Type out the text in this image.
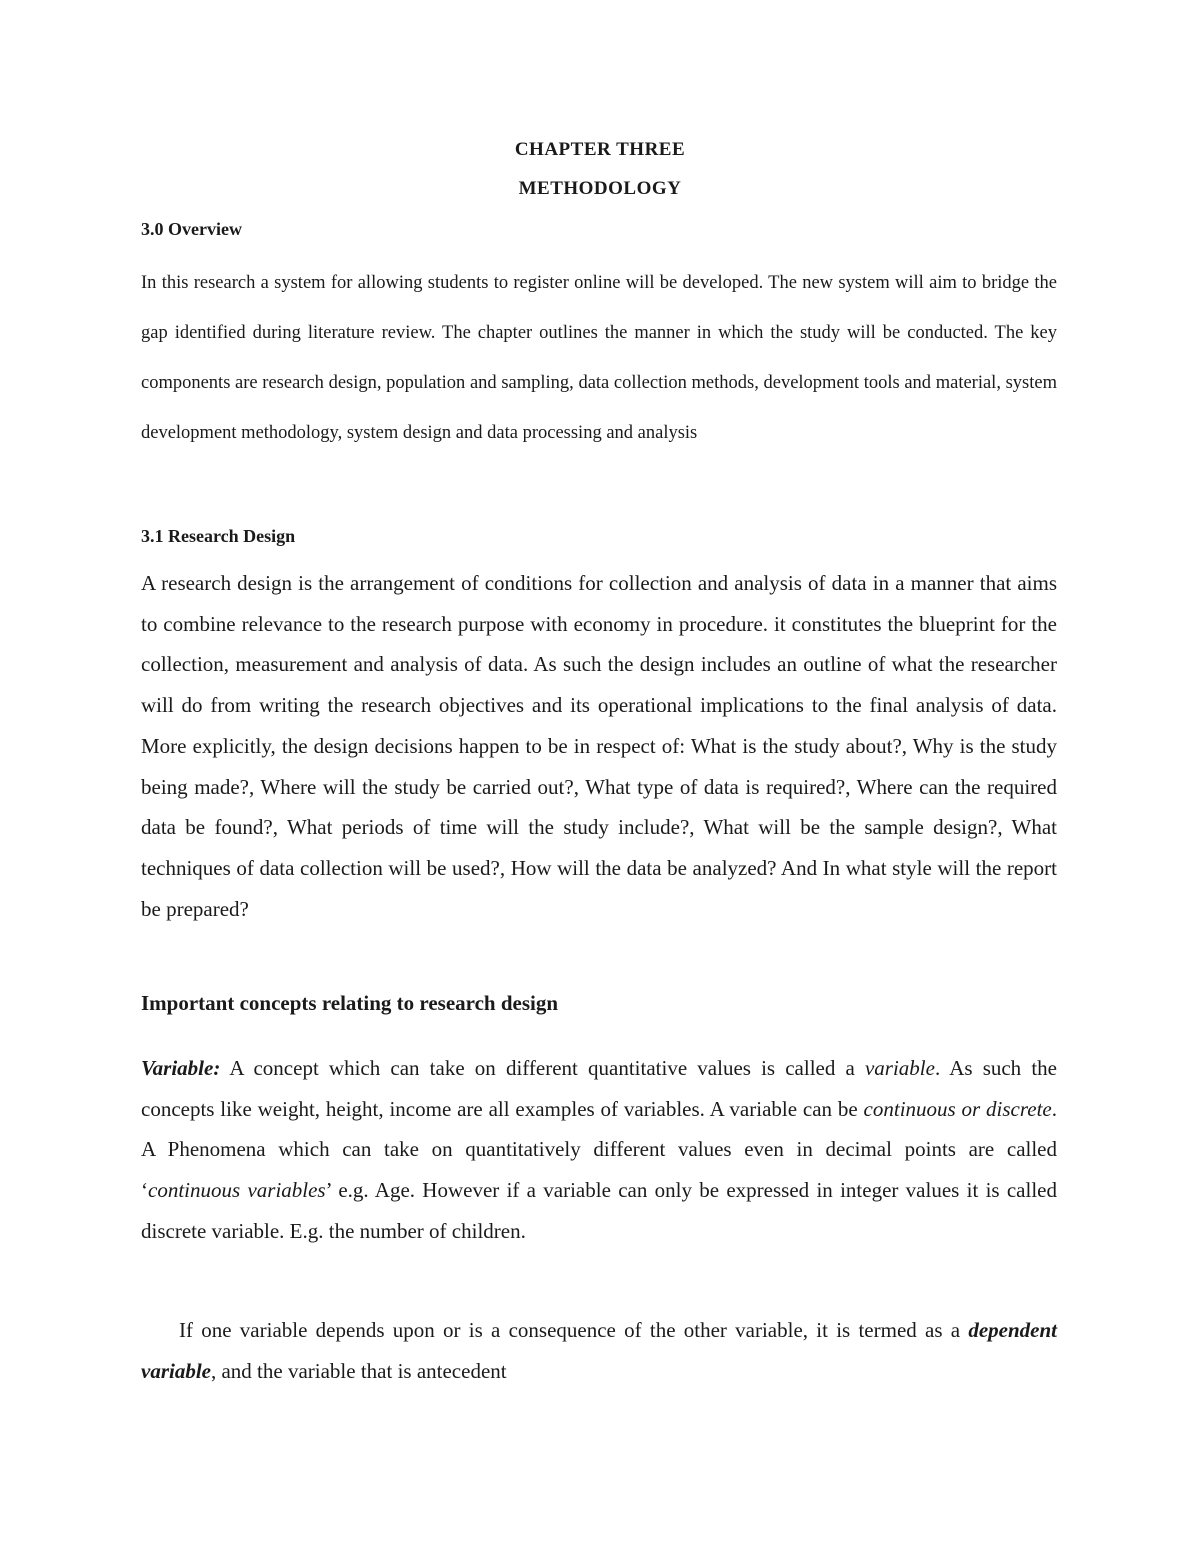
CHAPTER THREE
METHODOLOGY
3.0 Overview

In this research a system for allowing students to register online will be developed. The new system will aim to bridge the gap identified during literature review. The chapter outlines the manner in which the study will be conducted. The key components are research design, population and sampling, data collection methods, development tools and material, system development methodology, system design and data processing and analysis

3.1 Research Design

A research design is the arrangement of conditions for collection and analysis of data in a manner that aims to combine relevance to the research purpose with economy in procedure. it constitutes the blueprint for the collection, measurement and analysis of data. As such the design includes an outline of what the researcher will do from writing the research objectives and its operational implications to the final analysis of data. More explicitly, the design decisions happen to be in respect of: What is the study about?, Why is the study being made?, Where will the study be carried out?, What type of data is required?, Where can the required data be found?, What periods of time will the study include?, What will be the sample design?, What techniques of data collection will be used?, How will the data be analyzed? And In what style will the report be prepared?

Important concepts relating to research design

Variable: A concept which can take on different quantitative values is called a variable. As such the concepts like weight, height, income are all examples of variables. A variable can be continuous or discrete. A Phenomena which can take on quantitatively different values even in decimal points are called ‘continuous variables’ e.g. Age. However if a variable can only be expressed in integer values it is called discrete variable. E.g. the number of children.

If one variable depends upon or is a consequence of the other variable, it is termed as a dependent variable, and the variable that is antecedent
